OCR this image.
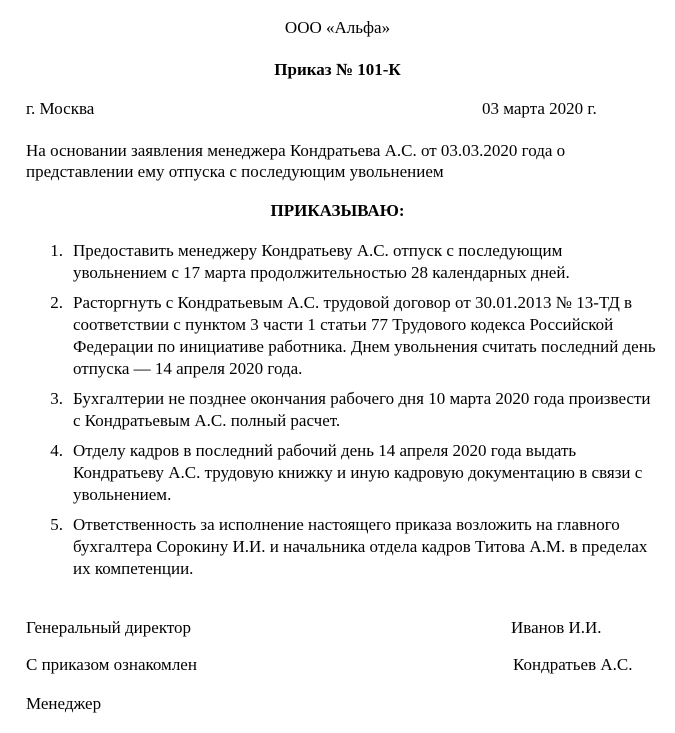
ООО «Альфа»
Приказ № 101-К
г. Москва	03 марта 2020 г.
На основании заявления менеджера Кондратьева А.С. от 03.03.2020 года о представлении ему отпуска с последующим увольнением
ПРИКАЗЫВАЮ:
1. Предоставить менеджеру Кондратьеву А.С. отпуск с последующим увольнением с 17 марта продолжительностью 28 календарных дней.
2. Расторгнуть с Кондратьевым А.С. трудовой договор от 30.01.2013 № 13-ТД в соответствии с пунктом 3 части 1 статьи 77 Трудового кодекса Российской Федерации по инициативе работника. Днем увольнения считать последний день отпуска — 14 апреля 2020 года.
3. Бухгалтерии не позднее окончания рабочего дня 10 марта 2020 года произвести с Кондратьевым А.С. полный расчет.
4. Отделу кадров в последний рабочий день 14 апреля 2020 года выдать Кондратьеву А.С. трудовую книжку и иную кадровую документацию в связи с увольнением.
5. Ответственность за исполнение настоящего приказа возложить на главного бухгалтера Сорокину И.И. и начальника отдела кадров Титова А.М. в пределах их компетенции.
Генеральный директор	Иванов И.И.
С приказом ознакомлен	Кондратьев А.С.
Менеджер
